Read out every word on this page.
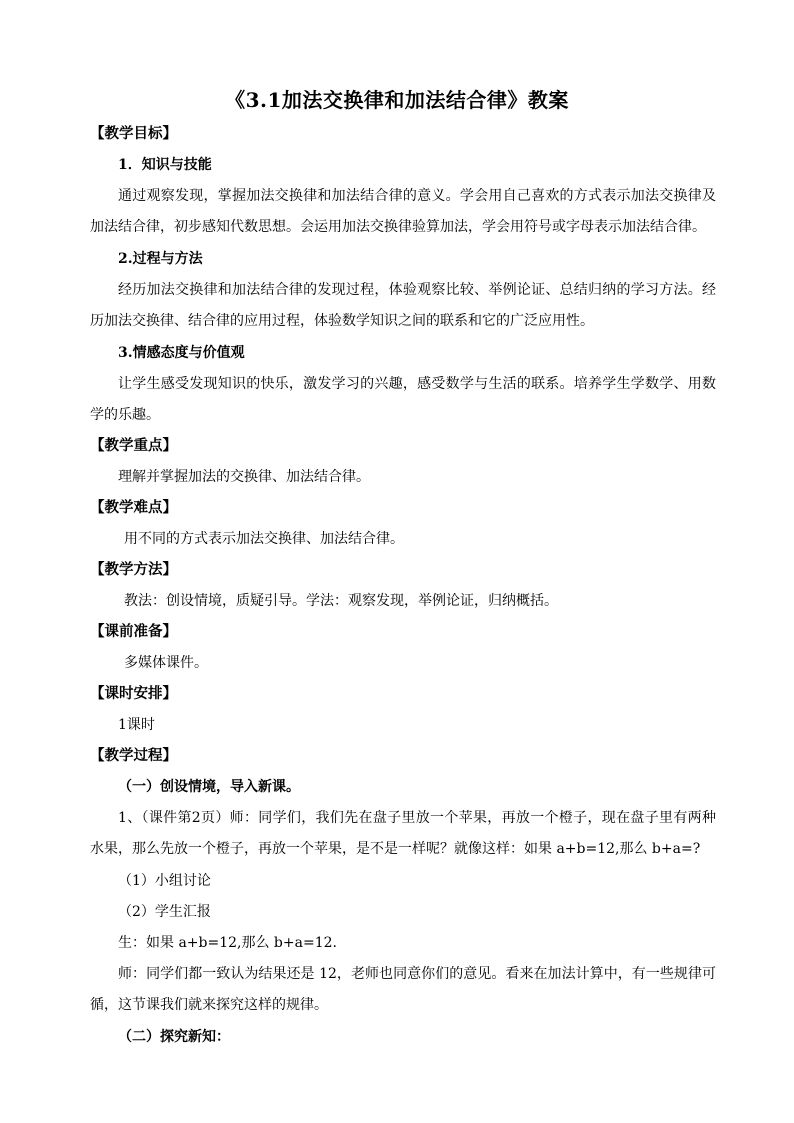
《3.1加法交换律和加法结合律》教案
【教学目标】
1．知识与技能
通过观察发现，掌握加法交换律和加法结合律的意义。学会用自己喜欢的方式表示加法交换律及加法结合律，初步感知代数思想。会运用加法交换律验算加法，学会用符号或字母表示加法结合律。
2.过程与方法
经历加法交换律和加法结合律的发现过程，体验观察比较、举例论证、总结归纳的学习方法。经历加法交换律、结合律的应用过程，体验数学知识之间的联系和它的广泛应用性。
3.情感态度与价值观
让学生感受发现知识的快乐，激发学习的兴趣，感受数学与生活的联系。培养学生学数学、用数学的乐趣。
【教学重点】
理解并掌握加法的交换律、加法结合律。
【教学难点】
用不同的方式表示加法交换律、加法结合律。
【教学方法】
教法：创设情境，质疑引导。学法：观察发现，举例论证，归纳概括。
【课前准备】
多媒体课件。
【课时安排】
1课时
【教学过程】
（一）创设情境，导入新课。
1、（课件第2页）师：同学们，我们先在盘子里放一个苹果，再放一个橙子，现在盘子里有两种水果，那么先放一个橙子，再放一个苹果，是不是一样呢？就像这样：如果 a+b=12,那么 b+a=?
（1）小组讨论
（2）学生汇报
生：如果 a+b=12,那么 b+a=12.
师：同学们都一致认为结果还是 12，老师也同意你们的意见。看来在加法计算中，有一些规律可循，这节课我们就来探究这样的规律。
（二）探究新知：
